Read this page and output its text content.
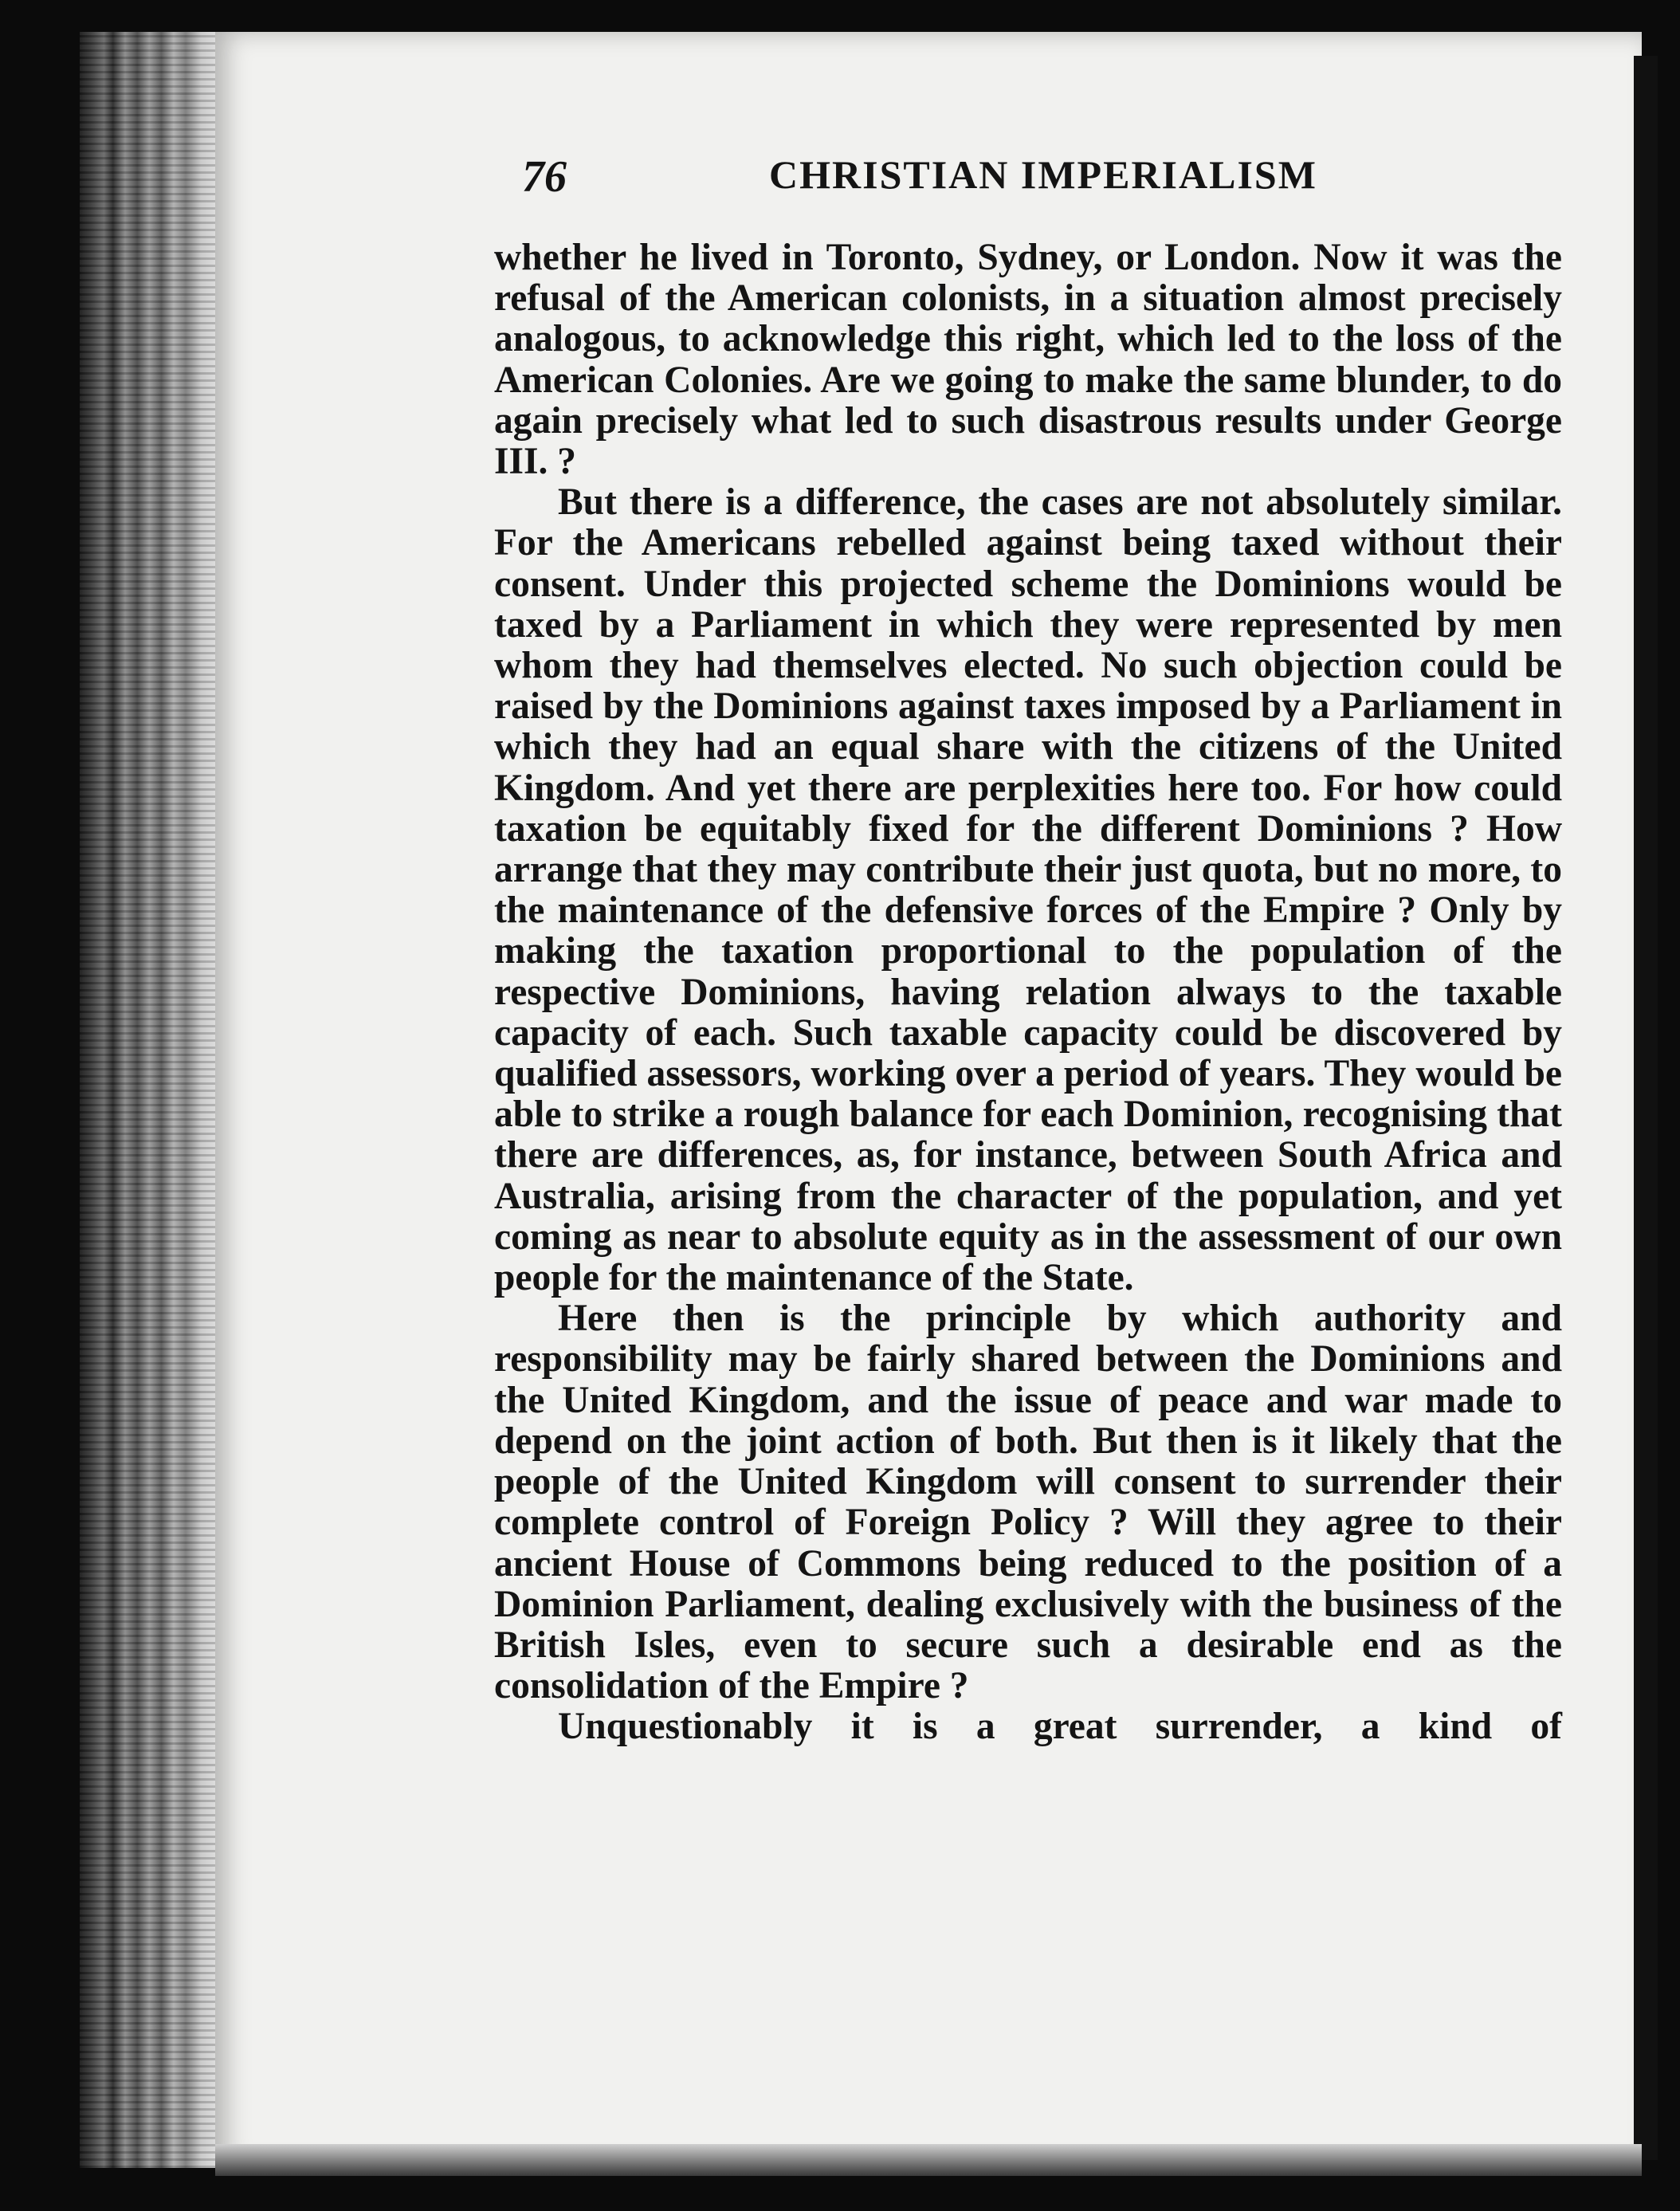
76	CHRISTIAN IMPERIALISM

whether he lived in Toronto, Sydney, or London. Now it was the refusal of the American colonists, in a situation almost precisely analogous, to acknowledge this right, which led to the loss of the American Colonies. Are we going to make the same blunder, to do again precisely what led to such disastrous results under George III. ?

But there is a difference, the cases are not absolutely similar. For the Americans rebelled against being taxed without their consent. Under this projected scheme the Dominions would be taxed by a Parliament in which they were represented by men whom they had themselves elected. No such objection could be raised by the Dominions against taxes imposed by a Parliament in which they had an equal share with the citizens of the United Kingdom. And yet there are perplexities here too. For how could taxation be equitably fixed for the different Dominions ? How arrange that they may contribute their just quota, but no more, to the maintenance of the defensive forces of the Empire ? Only by making the taxation proportional to the population of the respective Dominions, having relation always to the taxable capacity of each. Such taxable capacity could be discovered by qualified assessors, working over a period of years. They would be able to strike a rough balance for each Dominion, recognising that there are differences, as, for instance, between South Africa and Australia, arising from the character of the population, and yet coming as near to absolute equity as in the assessment of our own people for the maintenance of the State.

Here then is the principle by which authority and responsibility may be fairly shared between the Dominions and the United Kingdom, and the issue of peace and war made to depend on the joint action of both. But then is it likely that the people of the United Kingdom will consent to surrender their complete control of Foreign Policy ? Will they agree to their ancient House of Commons being reduced to the position of a Dominion Parliament, dealing exclusively with the business of the British Isles, even to secure such a desirable end as the consolidation of the Empire ?

Unquestionably it is a great surrender, a kind of
